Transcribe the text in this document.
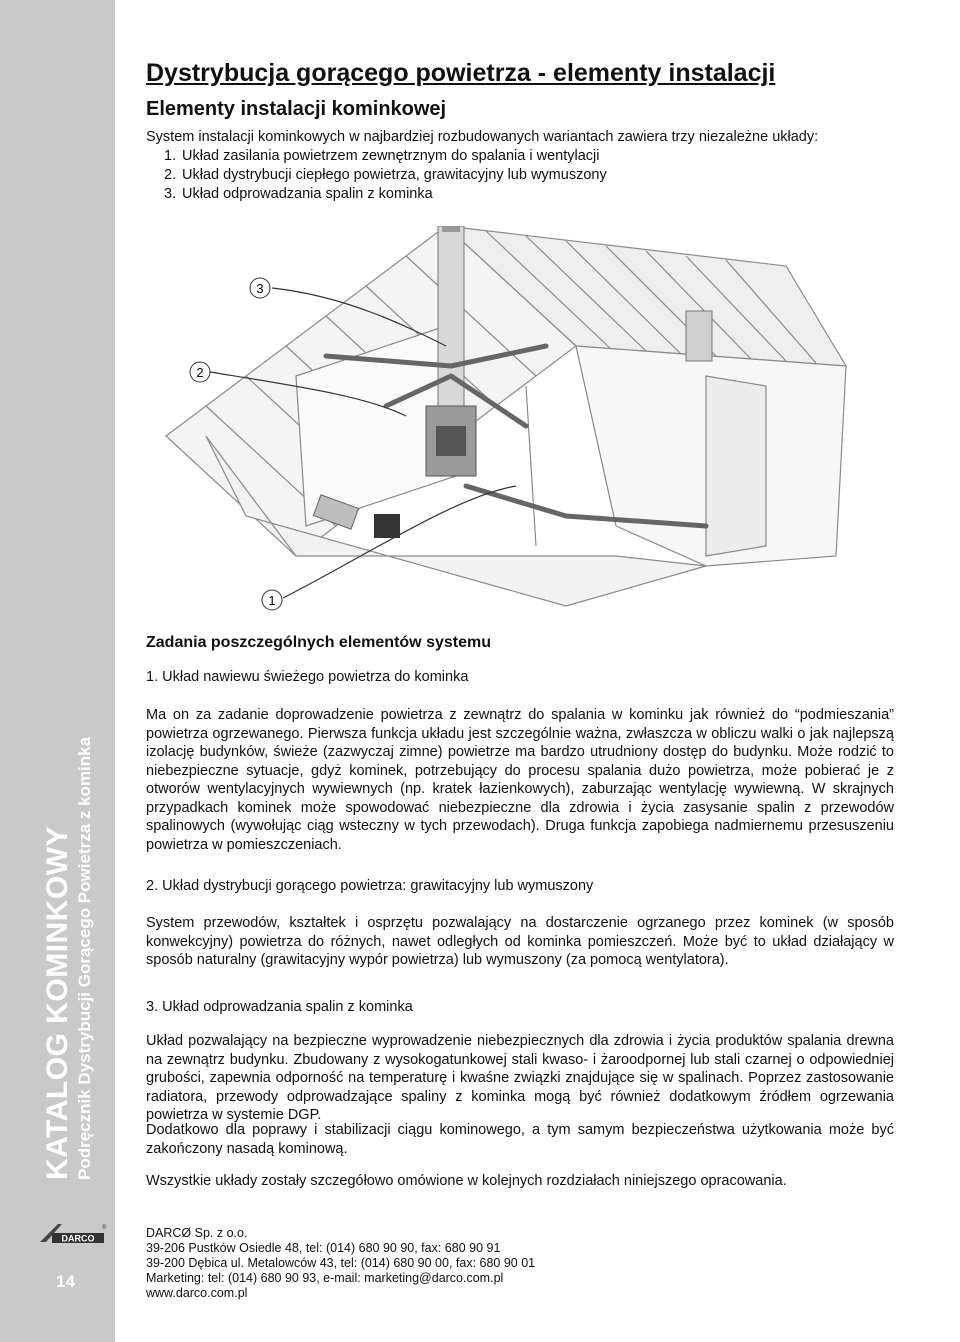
KATALOG KOMINKOWY Podręcznik Dystrybucji Gorącego Powietrza z kominka
DARCO
®
14
Dystrybucja gorącego powietrza - elementy instalacji
Elementy instalacji kominkowej

System instalacji kominkowych w najbardziej rozbudowanych wariantach zawiera trzy niezależne układy:

1. Układ zasilania powietrzem zewnętrznym do spalania i wentylacji
2. Układ dystrybucji ciepłego powietrza, grawitacyjny lub wymuszony
3. Układ odprowadzania spalin z kominka
3
2
1
Zadania poszczególnych elementów systemu
1. Układ nawiewu świeżego powietrza do kominka
Ma on za zadanie doprowadzenie powietrza z zewnątrz do spalania w kominku jak również do “podmieszania” powietrza ogrzewanego. Pierwsza funkcja układu jest szczególnie ważna, zwłaszcza w obliczu walki o jak najlepszą izolację budynków, świeże (zazwyczaj zimne) powietrze ma bardzo utrudniony dostęp do budynku. Może rodzić to niebezpieczne sytuacje, gdyż kominek, potrzebujący do procesu spalania dużo powietrza, może pobierać je z otworów wentylacyjnych wywiewnych (np. kratek łazienkowych), zaburzając wentylację wywiewną. W skrajnych przypadkach kominek może spowodować niebezpieczne dla zdrowia i życia zasysanie spalin z przewodów spalinowych (wywołując ciąg wsteczny w tych przewodach). Druga funkcja zapobiega nadmiernemu przesuszeniu powietrza w pomieszczeniach.
2. Układ dystrybucji gorącego powietrza: grawitacyjny lub wymuszony
System przewodów, kształtek i osprzętu pozwalający na dostarczenie ogrzanego przez kominek (w sposób konwekcyjny) powietrza do różnych, nawet odległych od kominka pomieszczeń. Może być to układ działający w sposób naturalny (grawitacyjny wypór powietrza) lub wymuszony (za pomocą wentylatora).
3. Układ odprowadzania spalin z kominka
Układ pozwalający na bezpieczne wyprowadzenie niebezpiecznych dla zdrowia i życia produktów spalania drewna na zewnątrz budynku. Zbudowany z wysokogatunkowej stali kwaso- i żaroodpornej lub stali czarnej o odpowiedniej grubości, zapewnia odporność na temperaturę i kwaśne związki znajdujące się w spalinach. Poprzez zastosowanie radiatora, przewody odprowadzające spaliny z kominka mogą być również dodatkowym źródłem ogrzewania powietrza w systemie DGP.
Dodatkowo dla poprawy i stabilizacji ciągu kominowego, a tym samym bezpieczeństwa użytkowania może być zakończony nasadą kominową.
Wszystkie układy zostały szczegółowo omówione w kolejnych rozdziałach niniejszego opracowania.
DARCØ Sp. z o.o.
39-206 Pustków Osiedle 48, tel: (014) 680 90 90, fax: 680 90 91
39-200 Dębica ul. Metalowców 43, tel: (014) 680 90 00, fax: 680 90 01
Marketing: tel: (014) 680 90 93, e-mail: marketing@darco.com.pl
www.darco.com.pl
